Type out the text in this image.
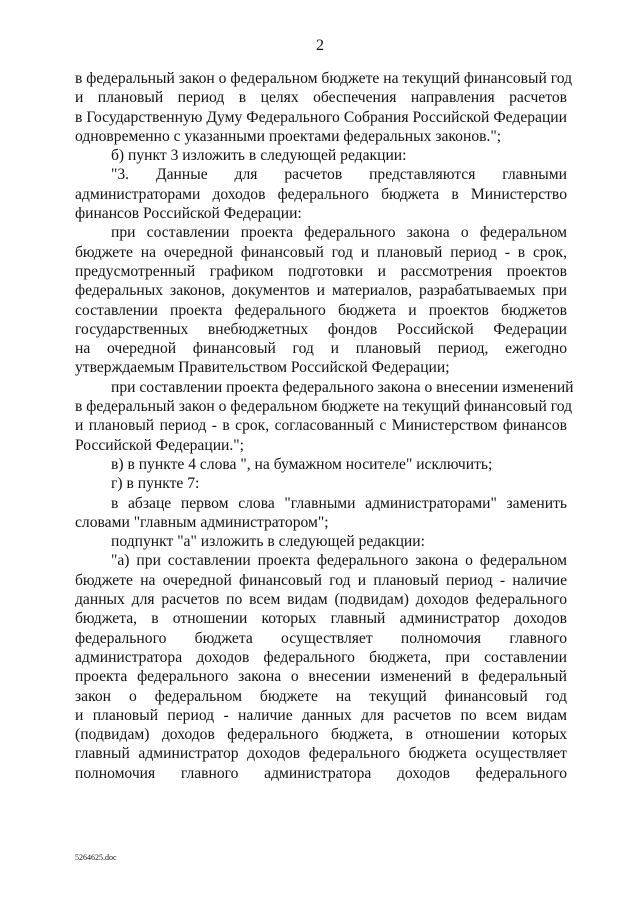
2
в федеральный закон о федеральном бюджете на текущий финансовый год
и плановый период в целях обеспечения направления расчетов
в Государственную Думу Федерального Собрания Российской Федерации
одновременно с указанными проектами федеральных законов.";
б) пункт 3 изложить в следующей редакции:
"3. Данные для расчетов представляются главными
администраторами доходов федерального бюджета в Министерство
финансов Российской Федерации:
при составлении проекта федерального закона о федеральном
бюджете на очередной финансовый год и плановый период - в срок,
предусмотренный графиком подготовки и рассмотрения проектов
федеральных законов, документов и материалов, разрабатываемых при
составлении проекта федерального бюджета и проектов бюджетов
государственных внебюджетных фондов Российской Федерации
на очередной финансовый год и плановый период, ежегодно
утверждаемым Правительством Российской Федерации;
при составлении проекта федерального закона о внесении изменений
в федеральный закон о федеральном бюджете на текущий финансовый год
и плановый период - в срок, согласованный с Министерством финансов
Российской Федерации.";
в) в пункте 4 слова ", на бумажном носителе" исключить;
г) в пункте 7:
в абзаце первом слова "главными администраторами" заменить
словами "главным администратором";
подпункт "а" изложить в следующей редакции:
"а) при составлении проекта федерального закона о федеральном
бюджете на очередной финансовый год и плановый период - наличие
данных для расчетов по всем видам (подвидам) доходов федерального
бюджета, в отношении которых главный администратор доходов
федерального бюджета осуществляет полномочия главного
администратора доходов федерального бюджета, при составлении
проекта федерального закона о внесении изменений в федеральный
закон о федеральном бюджете на текущий финансовый год
и плановый период - наличие данных для расчетов по всем видам
(подвидам) доходов федерального бюджета, в отношении которых
главный администратор доходов федерального бюджета осуществляет
полномочия главного администратора доходов федерального
5264625.doc
